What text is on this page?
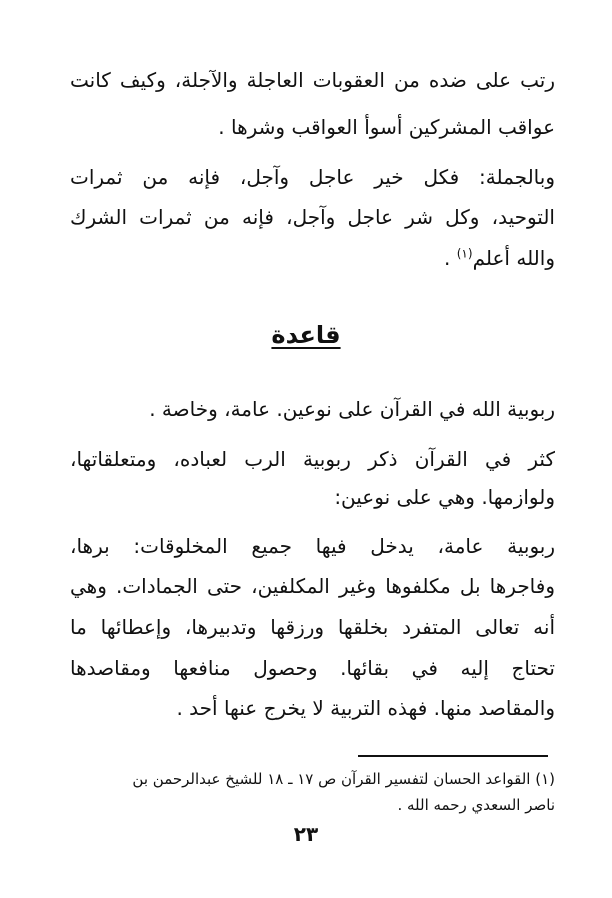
رتب على ضده من العقوبات العاجلة والآجلة، وكيف كانت
عواقب المشركين أسوأ العواقب وشرها .
وبالجملة: فكل خير عاجل وآجل، فإنه من ثمرات
التوحيد، وكل شر عاجل وآجل، فإنه من ثمرات الشرك
والله أعلم$^{(١)}$ .
قاعدة
ربوبية الله في القرآن على نوعين. عامة، وخاصة .
كثر في القرآن ذكر ربوبية الرب لعباده، ومتعلقاتها،
ولوازمها. وهي على نوعين:
ربوبية عامة، يدخل فيها جميع المخلوقات: برها،
وفاجرها بل مكلفوها وغير المكلفين، حتى الجمادات. وهي
أنه تعالى المتفرد بخلقها ورزقها وتدبيرها، وإعطائها ما
تحتاج إليه في بقائها. وحصول منافعها ومقاصدها
والمقاصد منها. فهذه التربية لا يخرج عنها أحد .
(١) القواعد الحسان لتفسير القرآن ص ١٧ ـ ١٨ للشيخ عبدالرحمن بن
ناصر السعدي رحمه الله .
٢٣
